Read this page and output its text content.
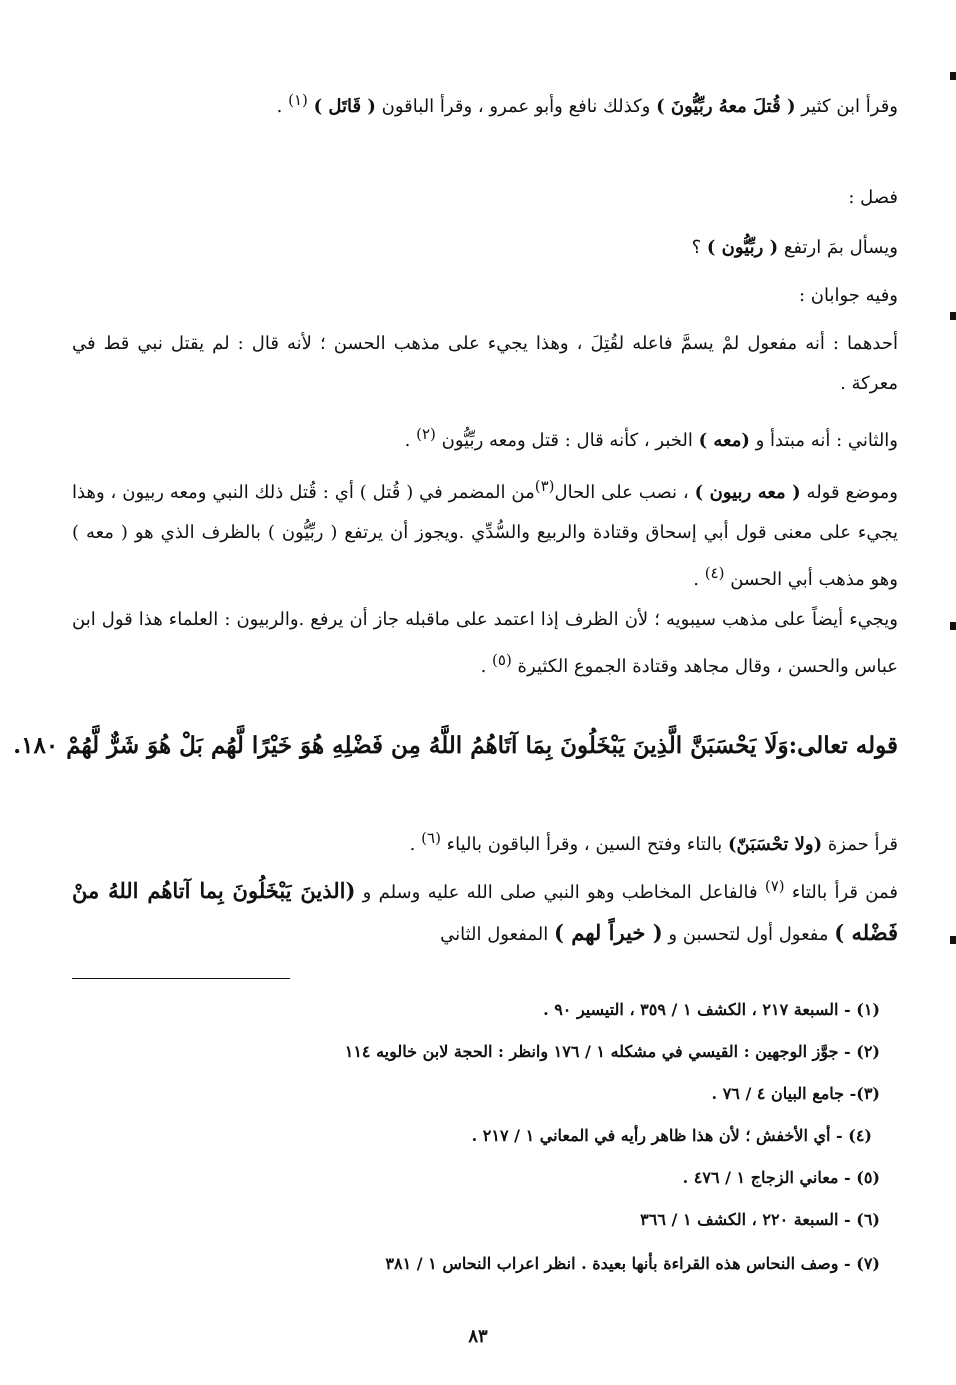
وقرأ ابن كثير ( قُتلَ معهُ ربِّيُّونَ ) وكذلك نافع وأبو عمرو ، وقرأ الباقون ( قَاتَل ) $^{(١)}$ .

فصل :

ويسأل بمَ ارتفع ( ربِّيُّون ) ؟

وفيه جوابان :

أحدهما : أنه مفعول لمْ يسمَّ فاعله لقُتِلَ ، وهذا يجيء على مذهب الحسن ؛ لأنه قال : لم يقتل نبي قط في معركة .

والثاني : أنه مبتدأ و (معه ) الخبر ، كأنه قال : قتل ومعه ربِّيُّون $^{(٢)}$ .

وموضع قوله ( معه ربيون ) ، نصب على الحال$^{(٣)}$من المضمر في ( قُتل ) أي : قُتل ذلك النبي ومعه ربيون ، وهذا يجيء على معنى قول أبي إسحاق وقتادة والربيع والسُّدِّي .ويجوز أن يرتفع ( ربِّيُّون ) بالظرف الذي هو ( معه ) وهو مذهب أبي الحسن $^{(٤)}$ .

ويجيء أيضاً على مذهب سيبويه ؛ لأن الظرف إذا اعتمد على ماقبله جاز أن يرفع .والربيون : العلماء هذا قول ابن عباس والحسن ، وقال مجاهد وقتادة الجموع الكثيرة $^{(٥)}$ .

قوله تعالى:وَلَا يَحْسَبَنَّ الَّذِينَ يَبْخَلُونَ بِمَا آتَاهُمُ اللَّهُ مِن فَضْلِهِ هُوَ خَيْرًا لَّهُم بَلْ هُوَ شَرٌّ لَّهُمْ ١٨٠.

قرأ حمزة (ولا تحْسَبَنّ) بالتاء وفتح السين ، وقرأ الباقون بالياء $^{(٦)}$ .

فمن قرأ بالتاء $^{(٧)}$ فالفاعل المخاطب وهو النبي صلى الله عليه وسلم و (الذينَ يَبْخَلُونَ بِما آتاهُم اللهُ منْ فَضْله ) مفعول أول لتحسبن و ( خيراً لهم ) المفعول الثاني

(١) - السبعة ٢١٧ ، الكشف ١ / ٣٥٩ ، التيسير ٩٠ .
(٢) - جوَّز الوجهين : القيسي في مشكله ١ / ١٧٦ وانظر : الحجة لابن خالويه ١١٤
(٣)- جامع البيان ٤ / ٧٦ .
(٤) - أي الأخفش ؛ لأن هذا ظاهر رأيه في المعاني ١ / ٢١٧ .
(٥) - معاني الزجاج ١ / ٤٧٦ .
(٦) - السبعة ٢٢٠ ، الكشف ١ / ٣٦٦
(٧) - وصف النحاس هذه القراءة بأنها بعيدة . انظر اعراب النحاس ١ / ٣٨١
٨٣
